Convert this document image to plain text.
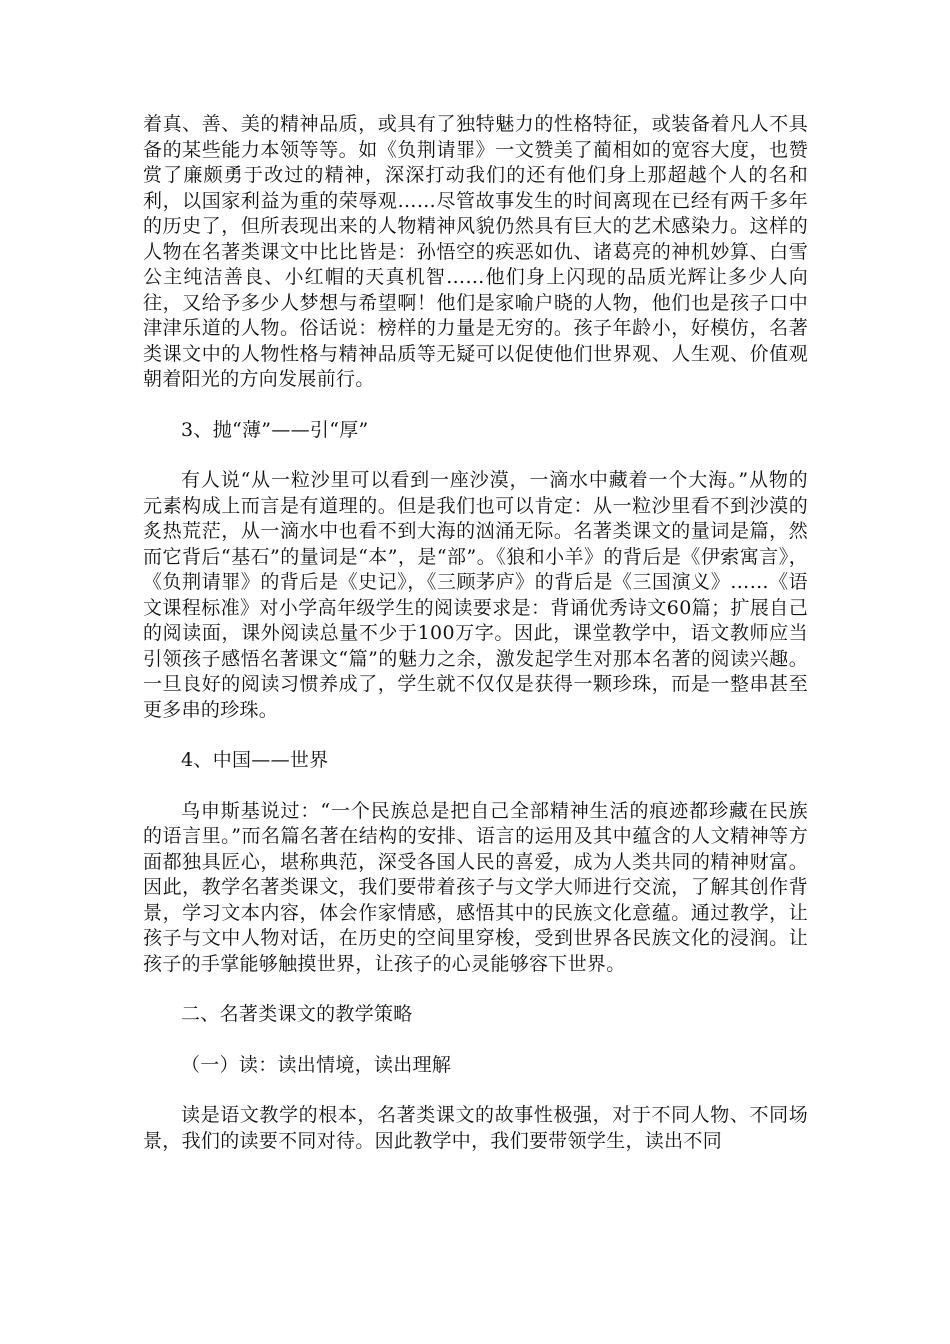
着真、善、美的精神品质，或具有了独特魅力的性格特征，或装备着凡人不具备的某些能力本领等等。如《负荆请罪》一文赞美了蔺相如的宽容大度，也赞赏了廉颇勇于改过的精神，深深打动我们的还有他们身上那超越个人的名和利，以国家利益为重的荣辱观……尽管故事发生的时间离现在已经有两千多年的历史了，但所表现出来的人物精神风貌仍然具有巨大的艺术感染力。这样的人物在名著类课文中比比皆是：孙悟空的疾恶如仇、诸葛亮的神机妙算、白雪公主纯洁善良、小红帽的天真机智……他们身上闪现的品质光辉让多少人向往，又给予多少人梦想与希望啊！他们是家喻户晓的人物，他们也是孩子口中津津乐道的人物。俗话说：榜样的力量是无穷的。孩子年龄小，好模仿，名著类课文中的人物性格与精神品质等无疑可以促使他们世界观、人生观、价值观朝着阳光的方向发展前行。

3、抛“薄”——引“厚”

有人说“从一粒沙里可以看到一座沙漠，一滴水中藏着一个大海。”从物的元素构成上而言是有道理的。但是我们也可以肯定：从一粒沙里看不到沙漠的炙热荒茫，从一滴水中也看不到大海的汹涌无际。名著类课文的量词是篇，然而它背后“基石”的量词是“本”，是“部”。《狼和小羊》的背后是《伊索寓言》，《负荆请罪》的背后是《史记》，《三顾茅庐》的背后是《三国演义》……《语文课程标准》对小学高年级学生的阅读要求是：背诵优秀诗文60篇；扩展自己的阅读面，课外阅读总量不少于100万字。因此，课堂教学中，语文教师应当引领孩子感悟名著课文“篇”的魅力之余，激发起学生对那本名著的阅读兴趣。一旦良好的阅读习惯养成了，学生就不仅仅是获得一颗珍珠，而是一整串甚至更多串的珍珠。

4、中国——世界

乌申斯基说过：“一个民族总是把自己全部精神生活的痕迹都珍藏在民族的语言里。”而名篇名著在结构的安排、语言的运用及其中蕴含的人文精神等方面都独具匠心，堪称典范，深受各国人民的喜爱，成为人类共同的精神财富。因此，教学名著类课文，我们要带着孩子与文学大师进行交流，了解其创作背景，学习文本内容，体会作家情感，感悟其中的民族文化意蕴。通过教学，让孩子与文中人物对话，在历史的空间里穿梭，受到世界各民族文化的浸润。让孩子的手掌能够触摸世界，让孩子的心灵能够容下世界。

二、名著类课文的教学策略

（一）读：读出情境，读出理解

读是语文教学的根本，名著类课文的故事性极强，对于不同人物、不同场景，我们的读要不同对待。因此教学中，我们要带领学生，读出不同
